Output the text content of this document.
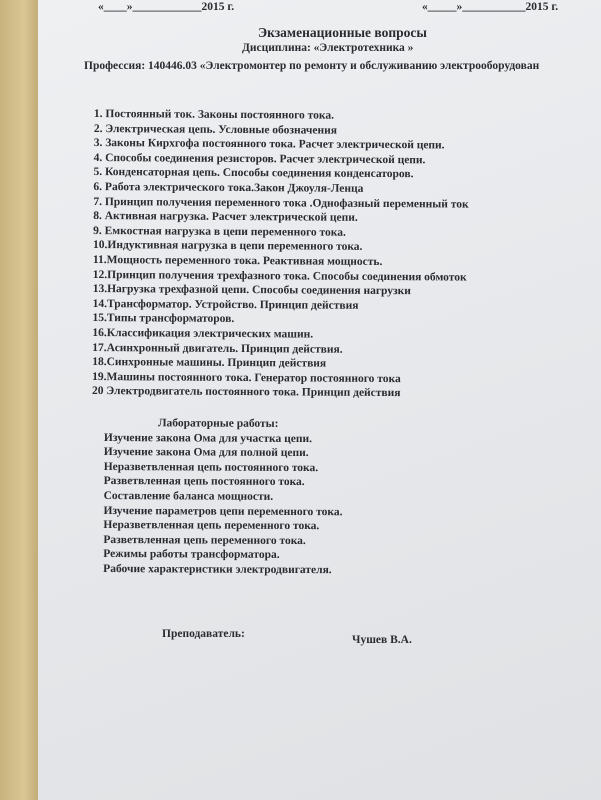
«____»____________2015 г.	«_____»___________2015 г.
Экзаменационные вопросы
Дисциплина: «Электротехника »
Профессия: 140446.03 «Электромонтер по ремонту и обслуживанию электрооборудован
1. Постоянный ток. Законы постоянного тока.
2. Электрическая цепь. Условные обозначения
3. Законы Кирхгофа постоянного тока. Расчет электрической цепи.
4. Способы соединения резисторов. Расчет электрической цепи.
5. Конденсаторная цепь. Способы соединения конденсаторов.
6. Работа электрического тока.Закон Джоуля-Ленца
7. Принцип получения переменного тока .Однофазный переменный ток
8. Активная нагрузка. Расчет электрической цепи.
9. Емкостная нагрузка в цепи переменного тока.
10.Индуктивная нагрузка в цепи переменного тока.
11.Мощность переменного тока. Реактивная мощность.
12.Принцип получения трехфазного тока. Способы соединения обмоток
13.Нагрузка трехфазной цепи. Способы соединения нагрузки
14.Трансформатор. Устройство. Принцип действия
15.Типы трансформаторов.
16.Классификация электрических машин.
17.Асинхронный двигатель. Принцип действия.
18.Синхронные машины. Принцип действия
19.Машины постоянного тока. Генератор постоянного тока
20 Электродвигатель постоянного тока. Принцип действия
Лабораторные работы:
Изучение закона Ома для участка цепи.
Изучение закона Ома для полной цепи.
Неразветвленная цепь постоянного тока.
Разветвленная цепь постоянного тока.
Составление баланса мощности.
Изучение параметров цепи переменного тока.
Неразветвленная цепь переменного тока.
Разветвленная цепь переменного тока.
Режимы работы трансформатора.
Рабочие характеристики электродвигателя.
Преподаватель:	Чушев В.А.
